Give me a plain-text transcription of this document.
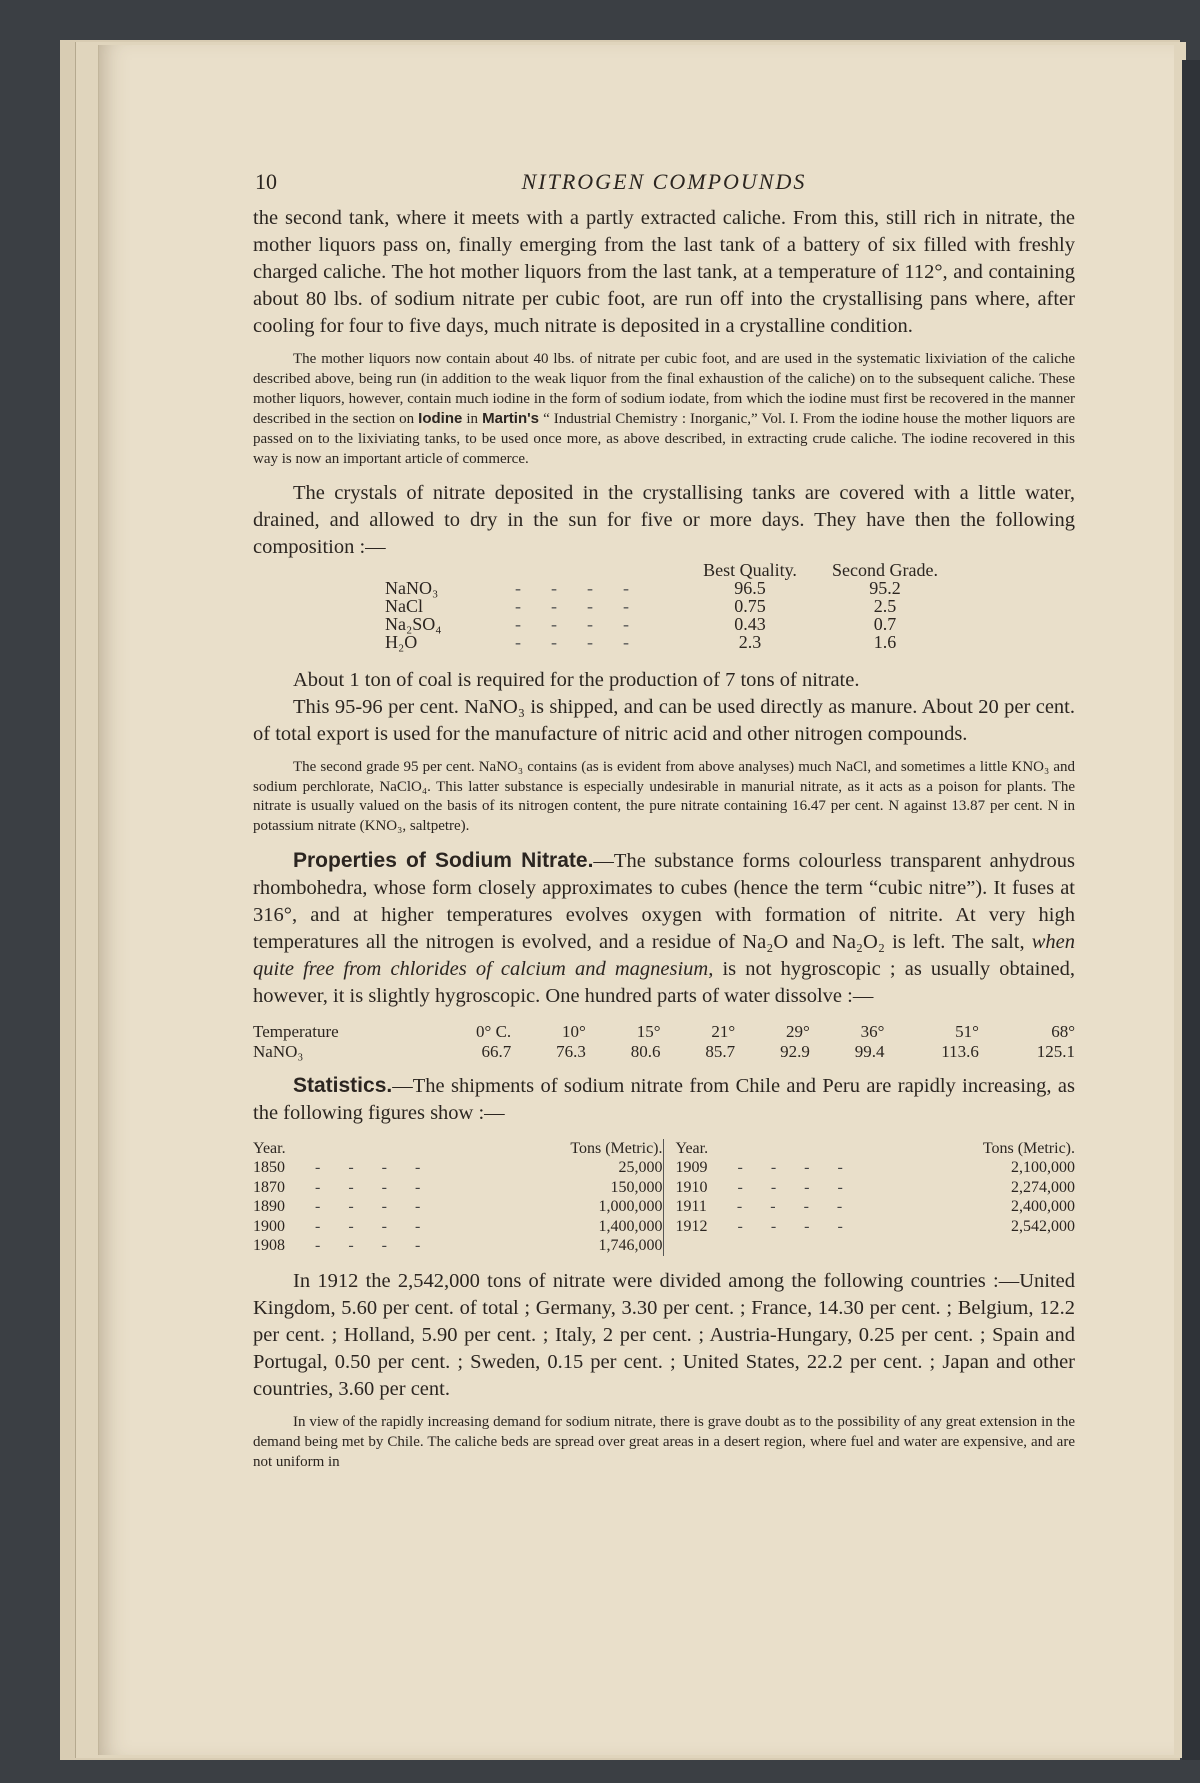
10	NITROGEN COMPOUNDS

the second tank, where it meets with a partly extracted caliche. From this, still rich in nitrate, the mother liquors pass on, finally emerging from the last tank of a battery of six filled with freshly charged caliche. The hot mother liquors from the last tank, at a temperature of 112°, and containing about 80 lbs. of sodium nitrate per cubic foot, are run off into the crystallising pans where, after cooling for four to five days, much nitrate is deposited in a crystalline condition.

The mother liquors now contain about 40 lbs. of nitrate per cubic foot, and are used in the systematic lixiviation of the caliche described above, being run (in addition to the weak liquor from the final exhaustion of the caliche) on to the subsequent caliche. These mother liquors, however, contain much iodine in the form of sodium iodate, from which the iodine must first be recovered in the manner described in the section on Iodine in Martin's “ Industrial Chemistry : Inorganic,” Vol. I. From the iodine house the mother liquors are passed on to the lixiviating tanks, to be used once more, as above described, in extracting crude caliche. The iodine recovered in this way is now an important article of commerce.

The crystals of nitrate deposited in the crystallising tanks are covered with a little water, drained, and allowed to dry in the sun for five or more days. They have then the following composition :—

		Best Quality.	Second Grade.
NaNO₃	----	96.5	95.2
NaCl	----	0.75	2.5
Na₂SO₄	----	0.43	0.7
H₂O	----	2.3	1.6

About 1 ton of coal is required for the production of 7 tons of nitrate.

This 95-96 per cent. NaNO₃ is shipped, and can be used directly as manure. About 20 per cent. of total export is used for the manufacture of nitric acid and other nitrogen compounds.

The second grade 95 per cent. NaNO₃ contains (as is evident from above analyses) much NaCl, and sometimes a little KNO₃ and sodium perchlorate, NaClO₄. This latter substance is especially undesirable in manurial nitrate, as it acts as a poison for plants. The nitrate is usually valued on the basis of its nitrogen content, the pure nitrate containing 16.47 per cent. N against 13.87 per cent. N in potassium nitrate (KNO₃, saltpetre).

Properties of Sodium Nitrate.—The substance forms colourless transparent anhydrous rhombohedra, whose form closely approximates to cubes (hence the term “cubic nitre”). It fuses at 316°, and at higher temperatures evolves oxygen with formation of nitrite. At very high temperatures all the nitrogen is evolved, and a residue of Na₂O and Na₂O₂ is left. The salt, when quite free from chlorides of calcium and magnesium, is not hygroscopic ; as usually obtained, however, it is slightly hygroscopic. One hundred parts of water dissolve :—

Temperature	0° C.	10°	15°	21°	29°	36°	51°	68°
NaNO₃	66.7	76.3	80.6	85.7	92.9	99.4	113.6	125.1

Statistics.—The shipments of sodium nitrate from Chile and Peru are rapidly increasing, as the following figures show :—

Year.	Tons (Metric).
1850	----	25,000
1870	----	150,000
1890	----	1,000,000
1900	----	1,400,000
1908	----	1,746,000
Year.	Tons (Metric).
1909	----	2,100,000
1910	----	2,274,000
1911	----	2,400,000
1912	----	2,542,000

In 1912 the 2,542,000 tons of nitrate were divided among the following countries :—United Kingdom, 5.60 per cent. of total ; Germany, 3.30 per cent. ; France, 14.30 per cent. ; Belgium, 12.2 per cent. ; Holland, 5.90 per cent. ; Italy, 2 per cent. ; Austria-Hungary, 0.25 per cent. ; Spain and Portugal, 0.50 per cent. ; Sweden, 0.15 per cent. ; United States, 22.2 per cent. ; Japan and other countries, 3.60 per cent.

In view of the rapidly increasing demand for sodium nitrate, there is grave doubt as to the possibility of any great extension in the demand being met by Chile. The caliche beds are spread over great areas in a desert region, where fuel and water are expensive, and are not uniform in
